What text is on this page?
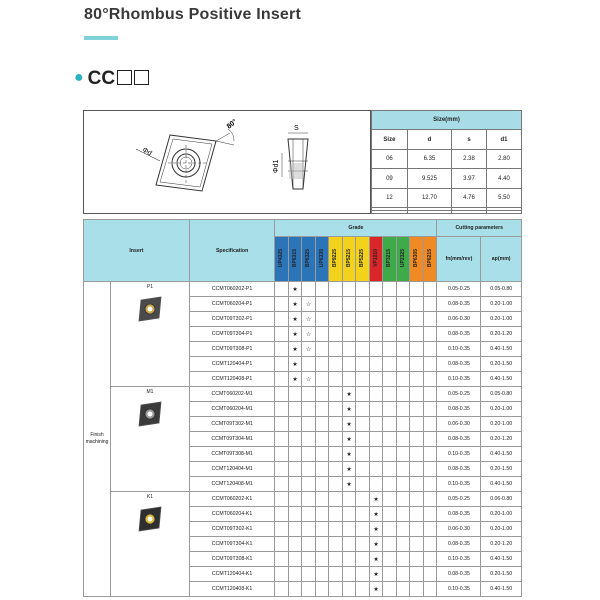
80°Rhombus Positive Insert
● CC
Φd
80°	S
Φd1
Size(mm)			
Size	d	s	d1
06	6.35	2.38	2.80
09	9.525	3.97	4.40
12	12.70	4.76	5.50

Insert		Specification	Grade												Cutting parameters	
			UP4325	BP6315	BP6325	UP6335	BP9225	BP5215	BP5225	VP1010	BP3215	UP2325	BP6305	BP6215	fn(mm/rev)	ap(mm)
Finish machining	P1	CCMT060202-P1		★											0.05-0.25	0.05-0.80
		CCMT060204-P1		★	☆										0.08-0.35	0.20-1.00
		CCMT09T302-P1		★	☆										0.06-0.30	0.20-1.00
		CCMT09T304-P1		★	☆										0.08-0.35	0.20-1.20
		CCMT09T308-P1		★	☆										0.10-0.35	0.40-1.50
		CCMT120404-P1		★											0.08-0.35	0.20-1.50
		CCMT120408-P1		★	☆										0.10-0.35	0.40-1.50

	M1	CCMT060202-M1						★							0.05-0.25	0.05-0.80
		CCMT060204-M1						★							0.08-0.35	0.20-1.00
		CCMT09T302-M1						★							0.06-0.30	0.20-1.00
		CCMT09T304-M1						★							0.08-0.35	0.20-1.20
		CCMT09T308-M1						★							0.10-0.35	0.40-1.50
		CCMT120404-M1						★							0.08-0.35	0.20-1.50
		CCMT120408-M1						★							0.10-0.35	0.40-1.50

	K1	CCMT060202-K1								★					0.05-0.25	0.06-0.80
		CCMT060204-K1								★					0.08-0.35	0.20-1.00
		CCMT09T302-K1								★					0.06-0.30	0.20-1.00
		CCMT09T304-K1								★					0.08-0.35	0.20-1.20
		CCMT09T308-K1								★					0.10-0.35	0.40-1.50
		CCMT120404-K1								★					0.08-0.35	0.20-1.50
		CCMT120408-K1								★					0.10-0.35	0.40-1.50
